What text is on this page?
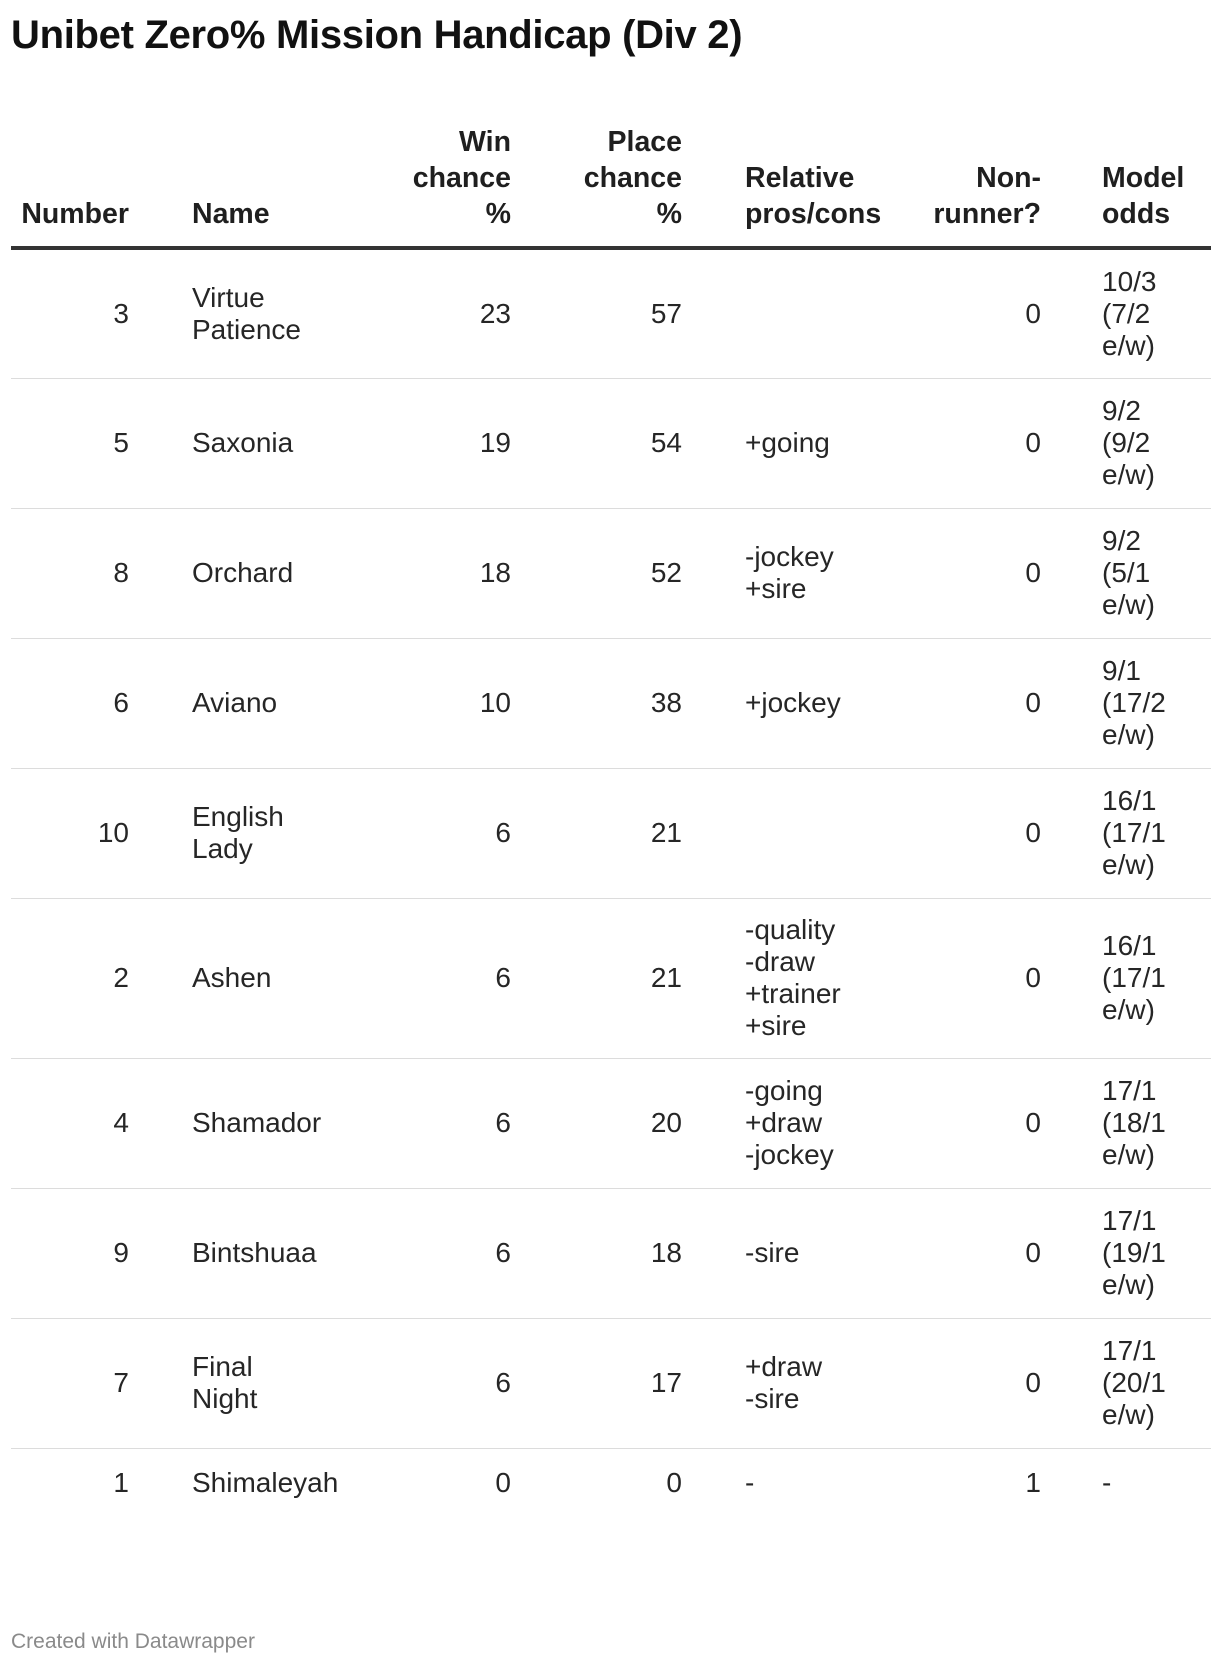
Unibet Zero% Mission Handicap (Div 2)
Number	Name	Win
chance
%	Place
chance
%	Relative
pros/cons	Non-
runner?	Model
odds
3	Virtue
Patience	23	57		0	10/3
(7/2
e/w)
5	Saxonia	19	54	+going	0	9/2
(9/2
e/w)
8	Orchard	18	52	-jockey
+sire	0	9/2
(5/1
e/w)
6	Aviano	10	38	+jockey	0	9/1
(17/2
e/w)
10	English
Lady	6	21		0	16/1
(17/1
e/w)
2	Ashen	6	21	-quality
-draw
+trainer
+sire	0	16/1
(17/1
e/w)
4	Shamador	6	20	-going
+draw
-jockey	0	17/1
(18/1
e/w)
9	Bintshuaa	6	18	-sire	0	17/1
(19/1
e/w)
7	Final Night	6	17	+draw
-sire	0	17/1
(20/1
e/w)
1	Shimaleyah	0	0	-	1	-
Created with Datawrapper
